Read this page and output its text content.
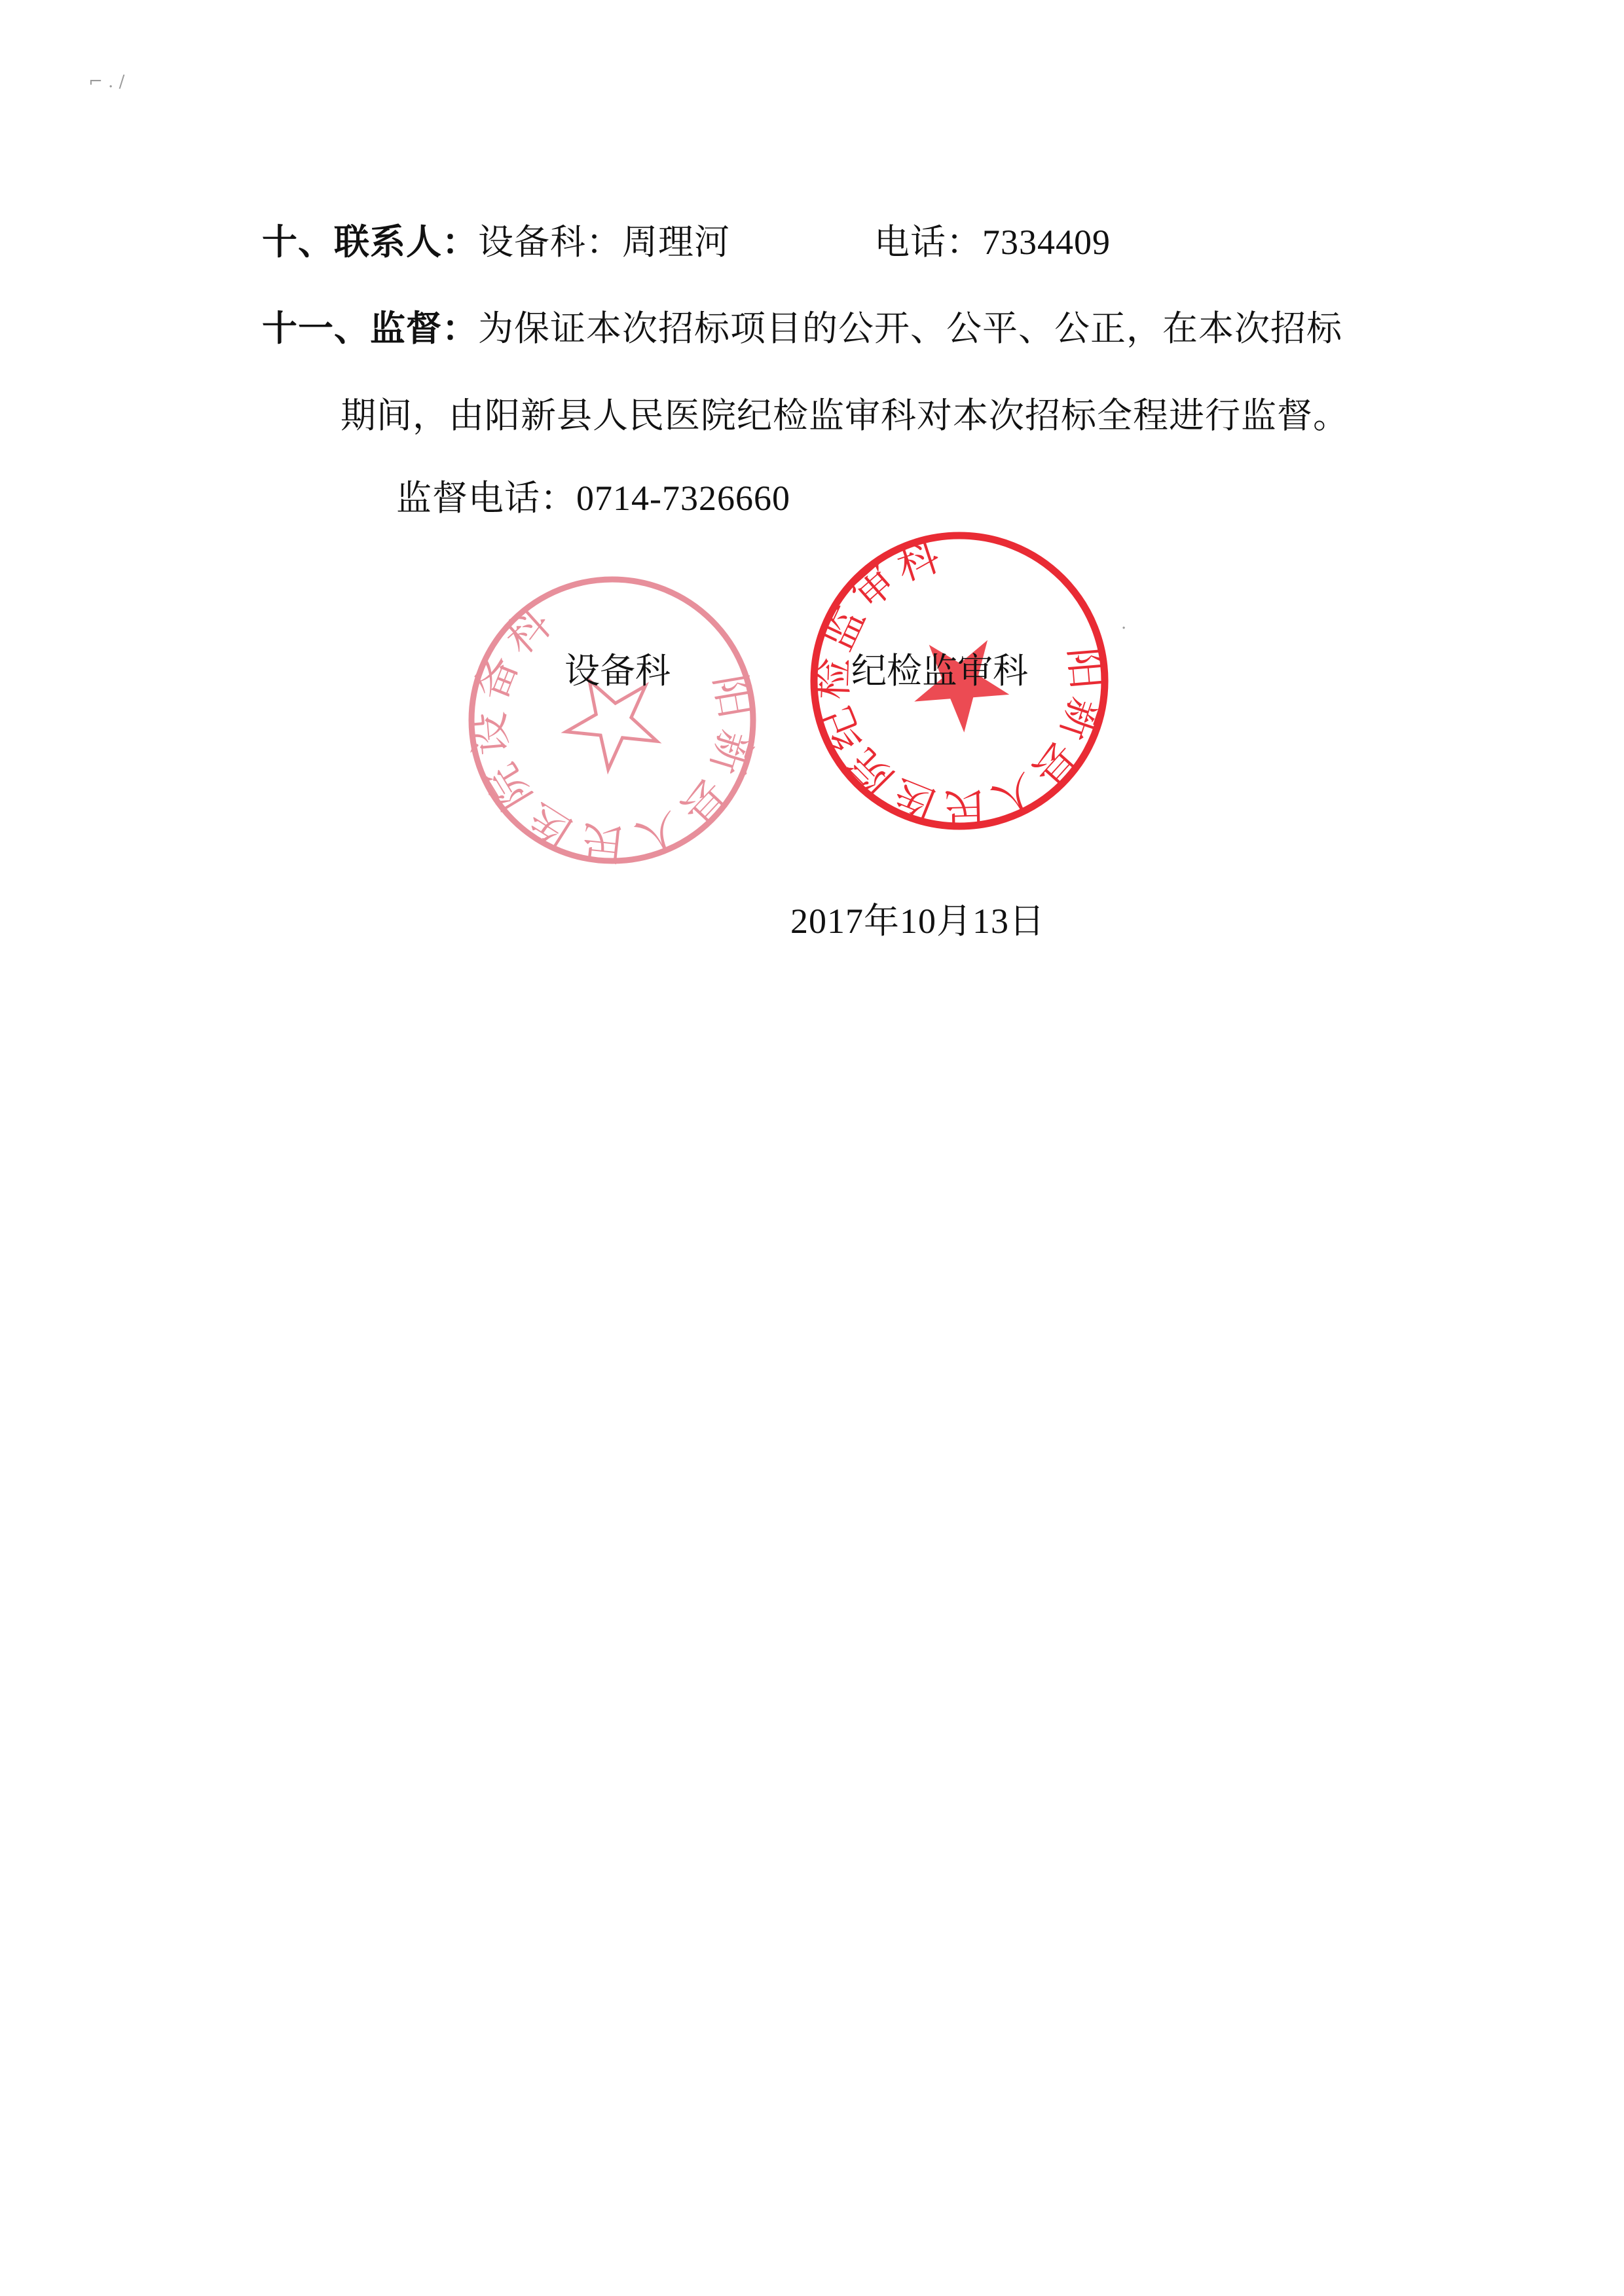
十、联系人：设备科：周理河	电话：7334409
十一、监督：为保证本次招标项目的公开、公平、公正，在本次招标
期间，由阳新县人民医院纪检监审科对本次招标全程进行监督。
监督电话：0714-7326660
阳新县人民医院设备科
阳新县人民医院纪检监审科
设备科	纪检监审科
2017年10月13日
⌐ . /
·
